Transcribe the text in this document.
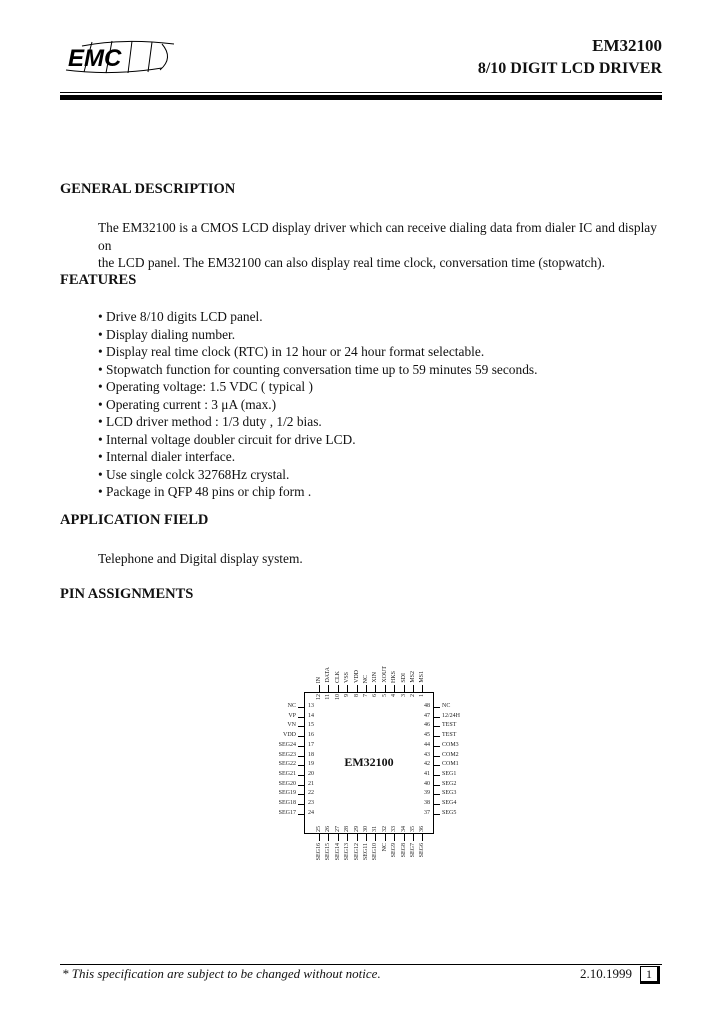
EMC	EM32100
8/10 DIGIT LCD DRIVER
GENERAL DESCRIPTION

The EM32100 is a CMOS LCD display driver which can receive dialing data from dialer IC and display on

the LCD panel. The EM32100 can also display real time clock, conversation time (stopwatch).

FEATURES
• Drive 8/10 digits LCD panel.
• Display dialing number.
• Display real time clock (RTC) in 12 hour or 24 hour format selectable.
• Stopwatch function for counting conversation time up to 59 minutes 59 seconds.
• Operating voltage: 1.5 VDC ( typical )
• Operating current : 3 μA (max.)
• LCD driver method : 1/3 duty , 1/2 bias.
• Internal voltage doubler circuit for drive LCD.
• Internal dialer interface.
• Use single colck 32768Hz crystal.
• Package in QFP 48 pins or chip form .
APPLICATION FIELD

Telephone and Digital display system.

PIN ASSIGNMENTS
EM32100
NC 13
VP 14
VN 15
VDD 16
SEG24 17
SEG23 18
SEG22 19
SEG21 20
SEG20 21
SEG19 22
SEG18 23
SEG17 24
NC
48
12/24H
47
TEST
46
TEST
45
COM3
44
COM2
43
COM1
42
SEG1
41
SEG2
40
SEG3
39
SEG4
38
SEG5
37
IN
12
DATA
11
CLK
10
VSS
9
VDD
8
NC
7
XIN
6
XOUT
5
HKS
4
SDI
3
MS2
2
MS1
1
SEG16
25
SEG15
26
SEG14
27
SEG13
28
SEG12
29
SEG11
30
SEG10
31
NC
32
SEG9
33
SEG8
34
SEG7
35
SEG6
36
* This specification are subject to be changed without notice.	2.10.1999	1
